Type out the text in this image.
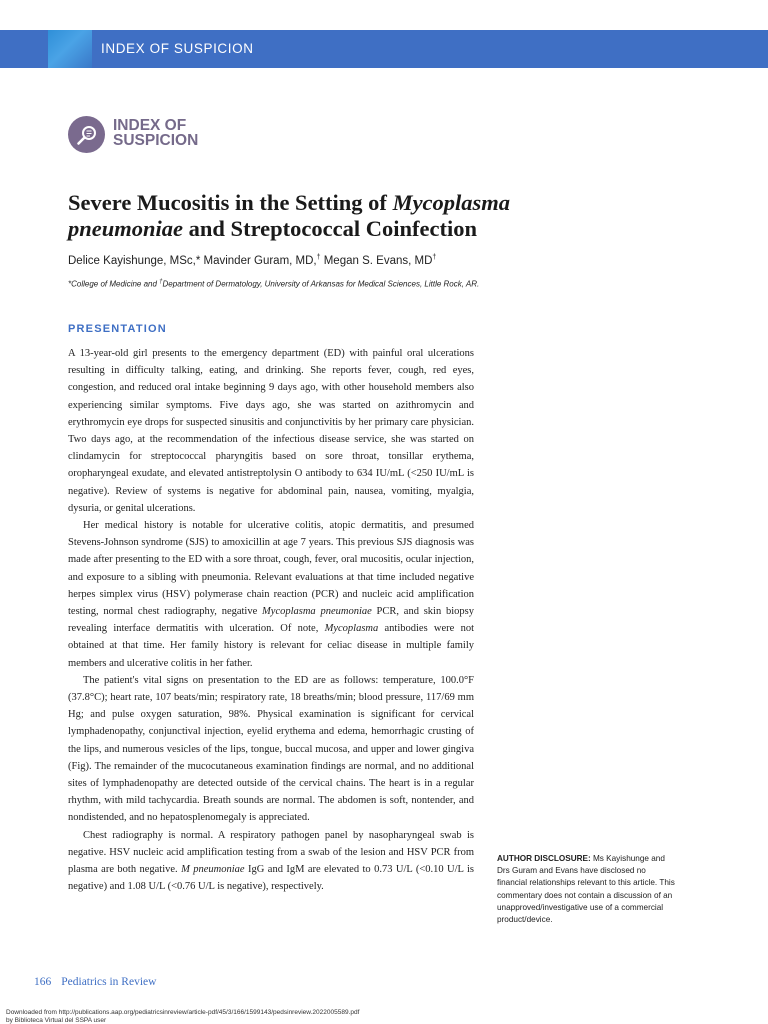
INDEX OF SUSPICION
INDEX OF
SUSPICION
Severe Mucositis in the Setting of Mycoplasma
pneumoniae and Streptococcal Coinfection
Delice Kayishunge, MSc,* Mavinder Guram, MD,† Megan S. Evans, MD†
*College of Medicine and †Department of Dermatology, University of Arkansas for Medical Sciences, Little Rock, AR.
PRESENTATION

A 13-year-old girl presents to the emergency department (ED) with painful oral ulcerations resulting in difficulty talking, eating, and drinking. She reports fever, cough, red eyes, congestion, and reduced oral intake beginning 9 days ago, with other household members also experiencing similar symptoms. Five days ago, she was started on azithromycin and erythromycin eye drops for suspected sinusitis and conjunctivitis by her primary care physician. Two days ago, at the recommendation of the infectious disease service, she was started on clindamycin for streptococcal pharyngitis based on sore throat, tonsillar erythema, oropharyngeal exudate, and elevated antistreptolysin O antibody to 634 IU/mL (<250 IU/mL is negative). Review of systems is negative for abdominal pain, nausea, vomiting, myalgia, dysuria, or genital ulcerations.

Her medical history is notable for ulcerative colitis, atopic dermatitis, and presumed Stevens-Johnson syndrome (SJS) to amoxicillin at age 7 years. This previous SJS diagnosis was made after presenting to the ED with a sore throat, cough, fever, oral mucositis, ocular injection, and exposure to a sibling with pneumonia. Relevant evaluations at that time included negative herpes simplex virus (HSV) polymerase chain reaction (PCR) and nucleic acid amplification testing, normal chest radiography, negative Mycoplasma pneumoniae PCR, and skin biopsy revealing interface dermatitis with ulceration. Of note, Mycoplasma antibodies were not obtained at that time. Her family history is relevant for celiac disease in multiple family members and ulcerative colitis in her father.

The patient's vital signs on presentation to the ED are as follows: temperature, 100.0°F (37.8°C); heart rate, 107 beats/min; respiratory rate, 18 breaths/min; blood pressure, 117/69 mm Hg; and pulse oxygen saturation, 98%. Physical examination is significant for cervical lymphadenopathy, conjunctival injection, eyelid erythema and edema, hemorrhagic crusting of the lips, and numerous vesicles of the lips, tongue, buccal mucosa, and upper and lower gingiva (Fig). The remainder of the mucocutaneous examination findings are normal, and no additional sites of lymphadenopathy are detected outside of the cervical chains. The heart is in a regular rhythm, with mild tachycardia. Breath sounds are normal. The abdomen is soft, nontender, and nondistended, and no hepatosplenomegaly is appreciated.

Chest radiography is normal. A respiratory pathogen panel by nasopharyngeal swab is negative. HSV nucleic acid amplification testing from a swab of the lesion and HSV PCR from plasma are both negative. M pneumoniae IgG and IgM are elevated to 0.73 U/L (<0.10 U/L is negative) and 1.08 U/L (<0.76 U/L is negative), respectively.

AUTHOR DISCLOSURE: Ms Kayishunge and Drs Guram and Evans have disclosed no financial relationships relevant to this article. This commentary does not contain a discussion of an unapproved/investigative use of a commercial product/device.
166 Pediatrics in Review
Downloaded from http://publications.aap.org/pediatricsinreview/article-pdf/45/3/166/1599143/pedsinreview.2022005589.pdf
by Biblioteca Virtual del SSPA user
